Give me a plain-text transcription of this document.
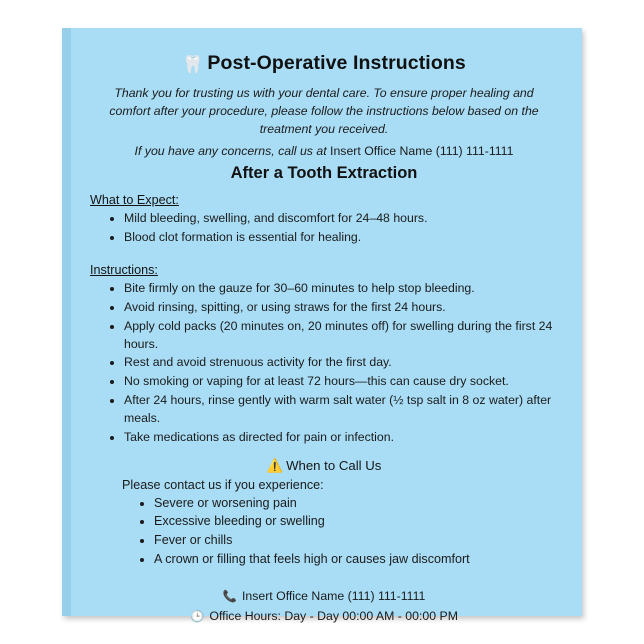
🦷 Post-Operative Instructions

Thank you for trusting us with your dental care. To ensure proper healing and comfort after your procedure, please follow the instructions below based on the treatment you received.

If you have any concerns, call us at Insert Office Name (111) 111-1111

After a Tooth Extraction
What to Expect:
• Mild bleeding, swelling, and discomfort for 24–48 hours.
• Blood clot formation is essential for healing.
Instructions:
• Bite firmly on the gauze for 30–60 minutes to help stop bleeding.
• Avoid rinsing, spitting, or using straws for the first 24 hours.
• Apply cold packs (20 minutes on, 20 minutes off) for swelling during the first 24 hours.
• Rest and avoid strenuous activity for the first day.
• No smoking or vaping for at least 72 hours—this can cause dry socket.
• After 24 hours, rinse gently with warm salt water (½ tsp salt in 8 oz water) after meals.
• Take medications as directed for pain or infection.
⚠️ When to Call Us
Please contact us if you experience:
• Severe or worsening pain
• Excessive bleeding or swelling
• Fever or chills
• A crown or filling that feels high or causes jaw discomfort
📞 Insert Office Name (111) 111-1111
🕒 Office Hours: Day - Day 00:00 AM - 00:00 PM
